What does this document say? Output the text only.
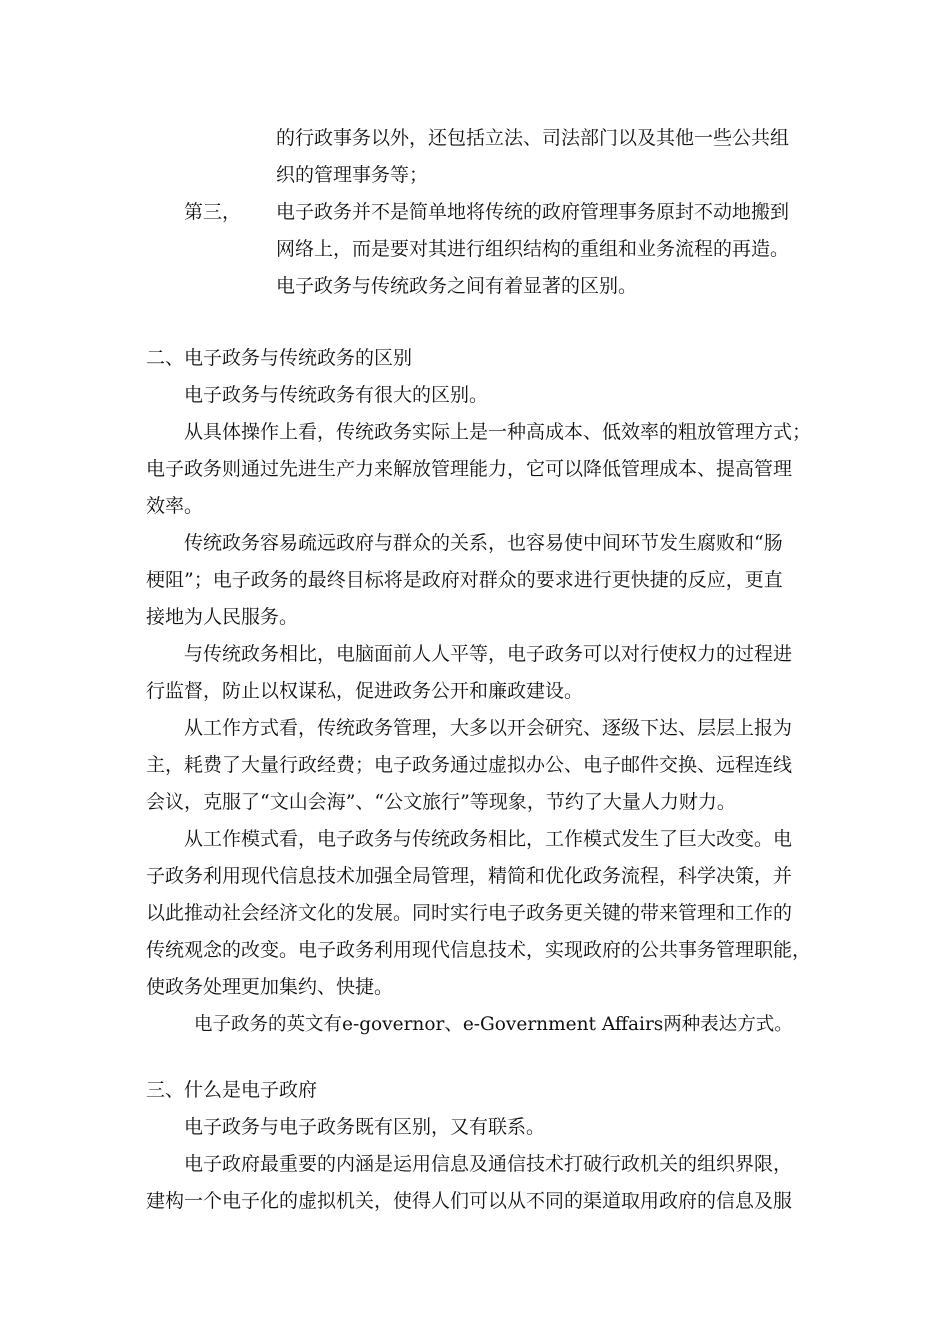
的行政事务以外，还包括立法、司法部门以及其他一些公共组
织的管理事务等；
第三， 电子政务并不是简单地将传统的政府管理事务原封不动地搬到
网络上，而是要对其进行组织结构的重组和业务流程的再造。
电子政务与传统政务之间有着显著的区别。
二、电子政务与传统政务的区别
电子政务与传统政务有很大的区别。
从具体操作上看，传统政务实际上是一种高成本、低效率的粗放管理方式；
电子政务则通过先进生产力来解放管理能力，它可以降低管理成本、提高管理
效率。
传统政务容易疏远政府与群众的关系，也容易使中间环节发生腐败和“肠
梗阻”；电子政务的最终目标将是政府对群众的要求进行更快捷的反应，更直
接地为人民服务。
与传统政务相比，电脑面前人人平等，电子政务可以对行使权力的过程进
行监督，防止以权谋私，促进政务公开和廉政建设。
从工作方式看，传统政务管理，大多以开会研究、逐级下达、层层上报为
主，耗费了大量行政经费；电子政务通过虚拟办公、电子邮件交换、远程连线
会议，克服了“文山会海”、“公文旅行”等现象，节约了大量人力财力。
从工作模式看，电子政务与传统政务相比，工作模式发生了巨大改变。电
子政务利用现代信息技术加强全局管理，精简和优化政务流程，科学决策，并
以此推动社会经济文化的发展。同时实行电子政务更关键的带来管理和工作的
传统观念的改变。电子政务利用现代信息技术，实现政府的公共事务管理职能，
使政务处理更加集约、快捷。
电子政务的英文有e-governor、e-Government Affairs两种表达方式。
三、什么是电子政府
电子政务与电子政务既有区别，又有联系。
电子政府最重要的内涵是运用信息及通信技术打破行政机关的组织界限，
建构一个电子化的虚拟机关，使得人们可以从不同的渠道取用政府的信息及服
